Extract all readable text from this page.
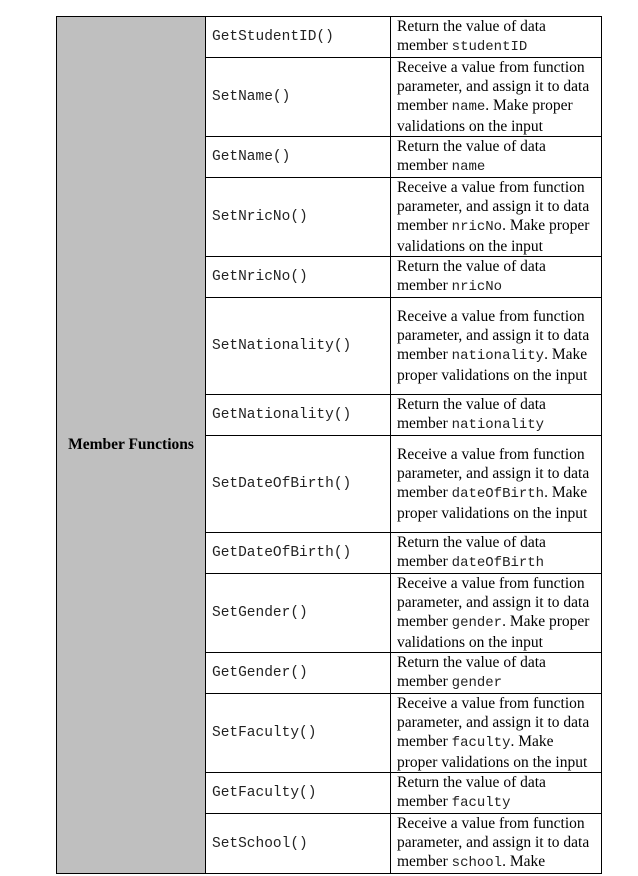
Member Functions	GetStudentID()	Return the value of data member studentID
	SetName()	Receive a value from function parameter, and assign it to data member name. Make proper validations on the input
	GetName()	Return the value of data member name
	SetNricNo()	Receive a value from function parameter, and assign it to data member nricNo. Make proper validations on the input
	GetNricNo()	Return the value of data member nricNo
	SetNationality()	Receive a value from function parameter, and assign it to data member nationality. Make proper validations on the input
	GetNationality()	Return the value of data member nationality
	SetDateOfBirth()	Receive a value from function parameter, and assign it to data member dateOfBirth. Make proper validations on the input
	GetDateOfBirth()	Return the value of data member dateOfBirth
	SetGender()	Receive a value from function parameter, and assign it to data member gender. Make proper validations on the input
	GetGender()	Return the value of data member gender
	SetFaculty()	Receive a value from function parameter, and assign it to data member faculty. Make proper validations on the input
	GetFaculty()	Return the value of data member faculty
	SetSchool()	Receive a value from function parameter, and assign it to data member school. Make
